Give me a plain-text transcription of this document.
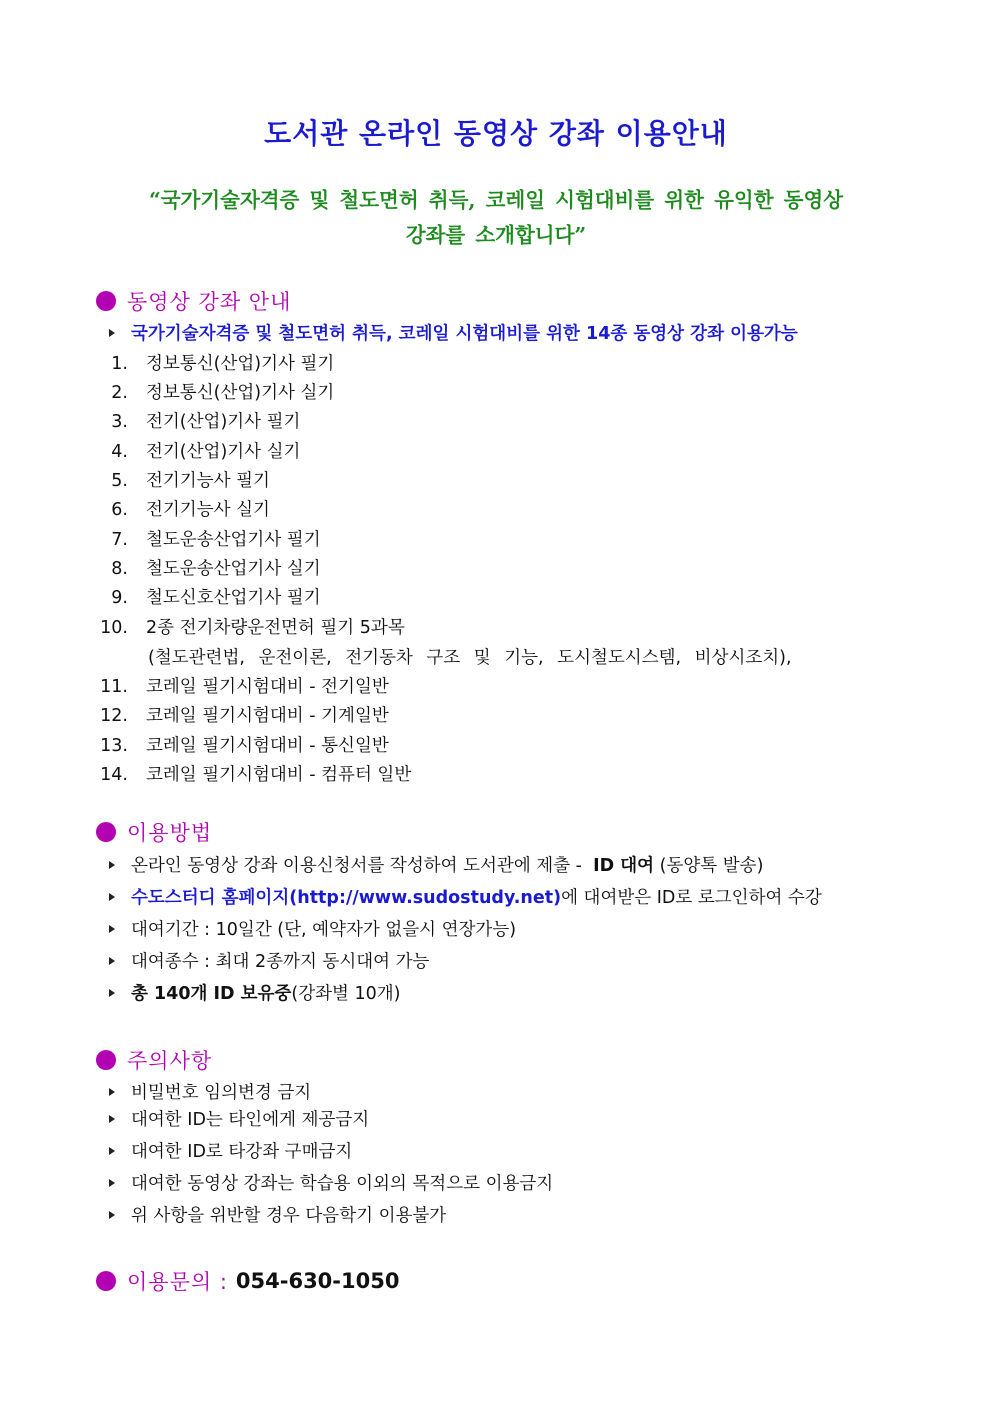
도서관 온라인 동영상 강좌 이용안내
“국가기술자격증 및 철도면허 취득, 코레일 시험대비를 위한 유익한 동영상
강좌를 소개합니다”
동영상 강좌 안내
국가기술자격증 및 철도면허 취득, 코레일 시험대비를 위한 14종 동영상 강좌 이용가능
1. 정보통신(산업)기사 필기
2. 정보통신(산업)기사 실기
3. 전기(산업)기사 필기
4. 전기(산업)기사 실기
5. 전기기능사 필기
6. 전기기능사 실기
7. 철도운송산업기사 필기
8. 철도운송산업기사 실기
9. 철도신호산업기사 필기
10. 2종 전기차량운전면허 필기 5과목
(철도관련법, 운전이론, 전기동차 구조 및 기능, 도시철도시스템, 비상시조치),
11. 코레일 필기시험대비 - 전기일반
12. 코레일 필기시험대비 - 기계일반
13. 코레일 필기시험대비 - 통신일반
14. 코레일 필기시험대비 - 컴퓨터 일반
이용방법
온라인 동영상 강좌 이용신청서를 작성하여 도서관에 제출 -
ID 대여
(동양톡 발송)
수도스터디 홈페이지(http://www.sudostudy.net) 에 대여받은 ID로 로그인하여 수강
대여기간 : 10일간 (단, 예약자가 없을시 연장가능)
대여종수 : 최대 2종까지 동시대여 가능
총 140개 ID 보유중 (강좌별 10개)
주의사항
비밀번호 임의변경 금지
대여한 ID는 타인에게 제공금지
대여한 ID로 타강좌 구매금지
대여한 동영상 강좌는 학습용 이외의 목적으로 이용금지
위 사항을 위반할 경우 다음학기 이용불가
이용문의 : 054-630-1050
